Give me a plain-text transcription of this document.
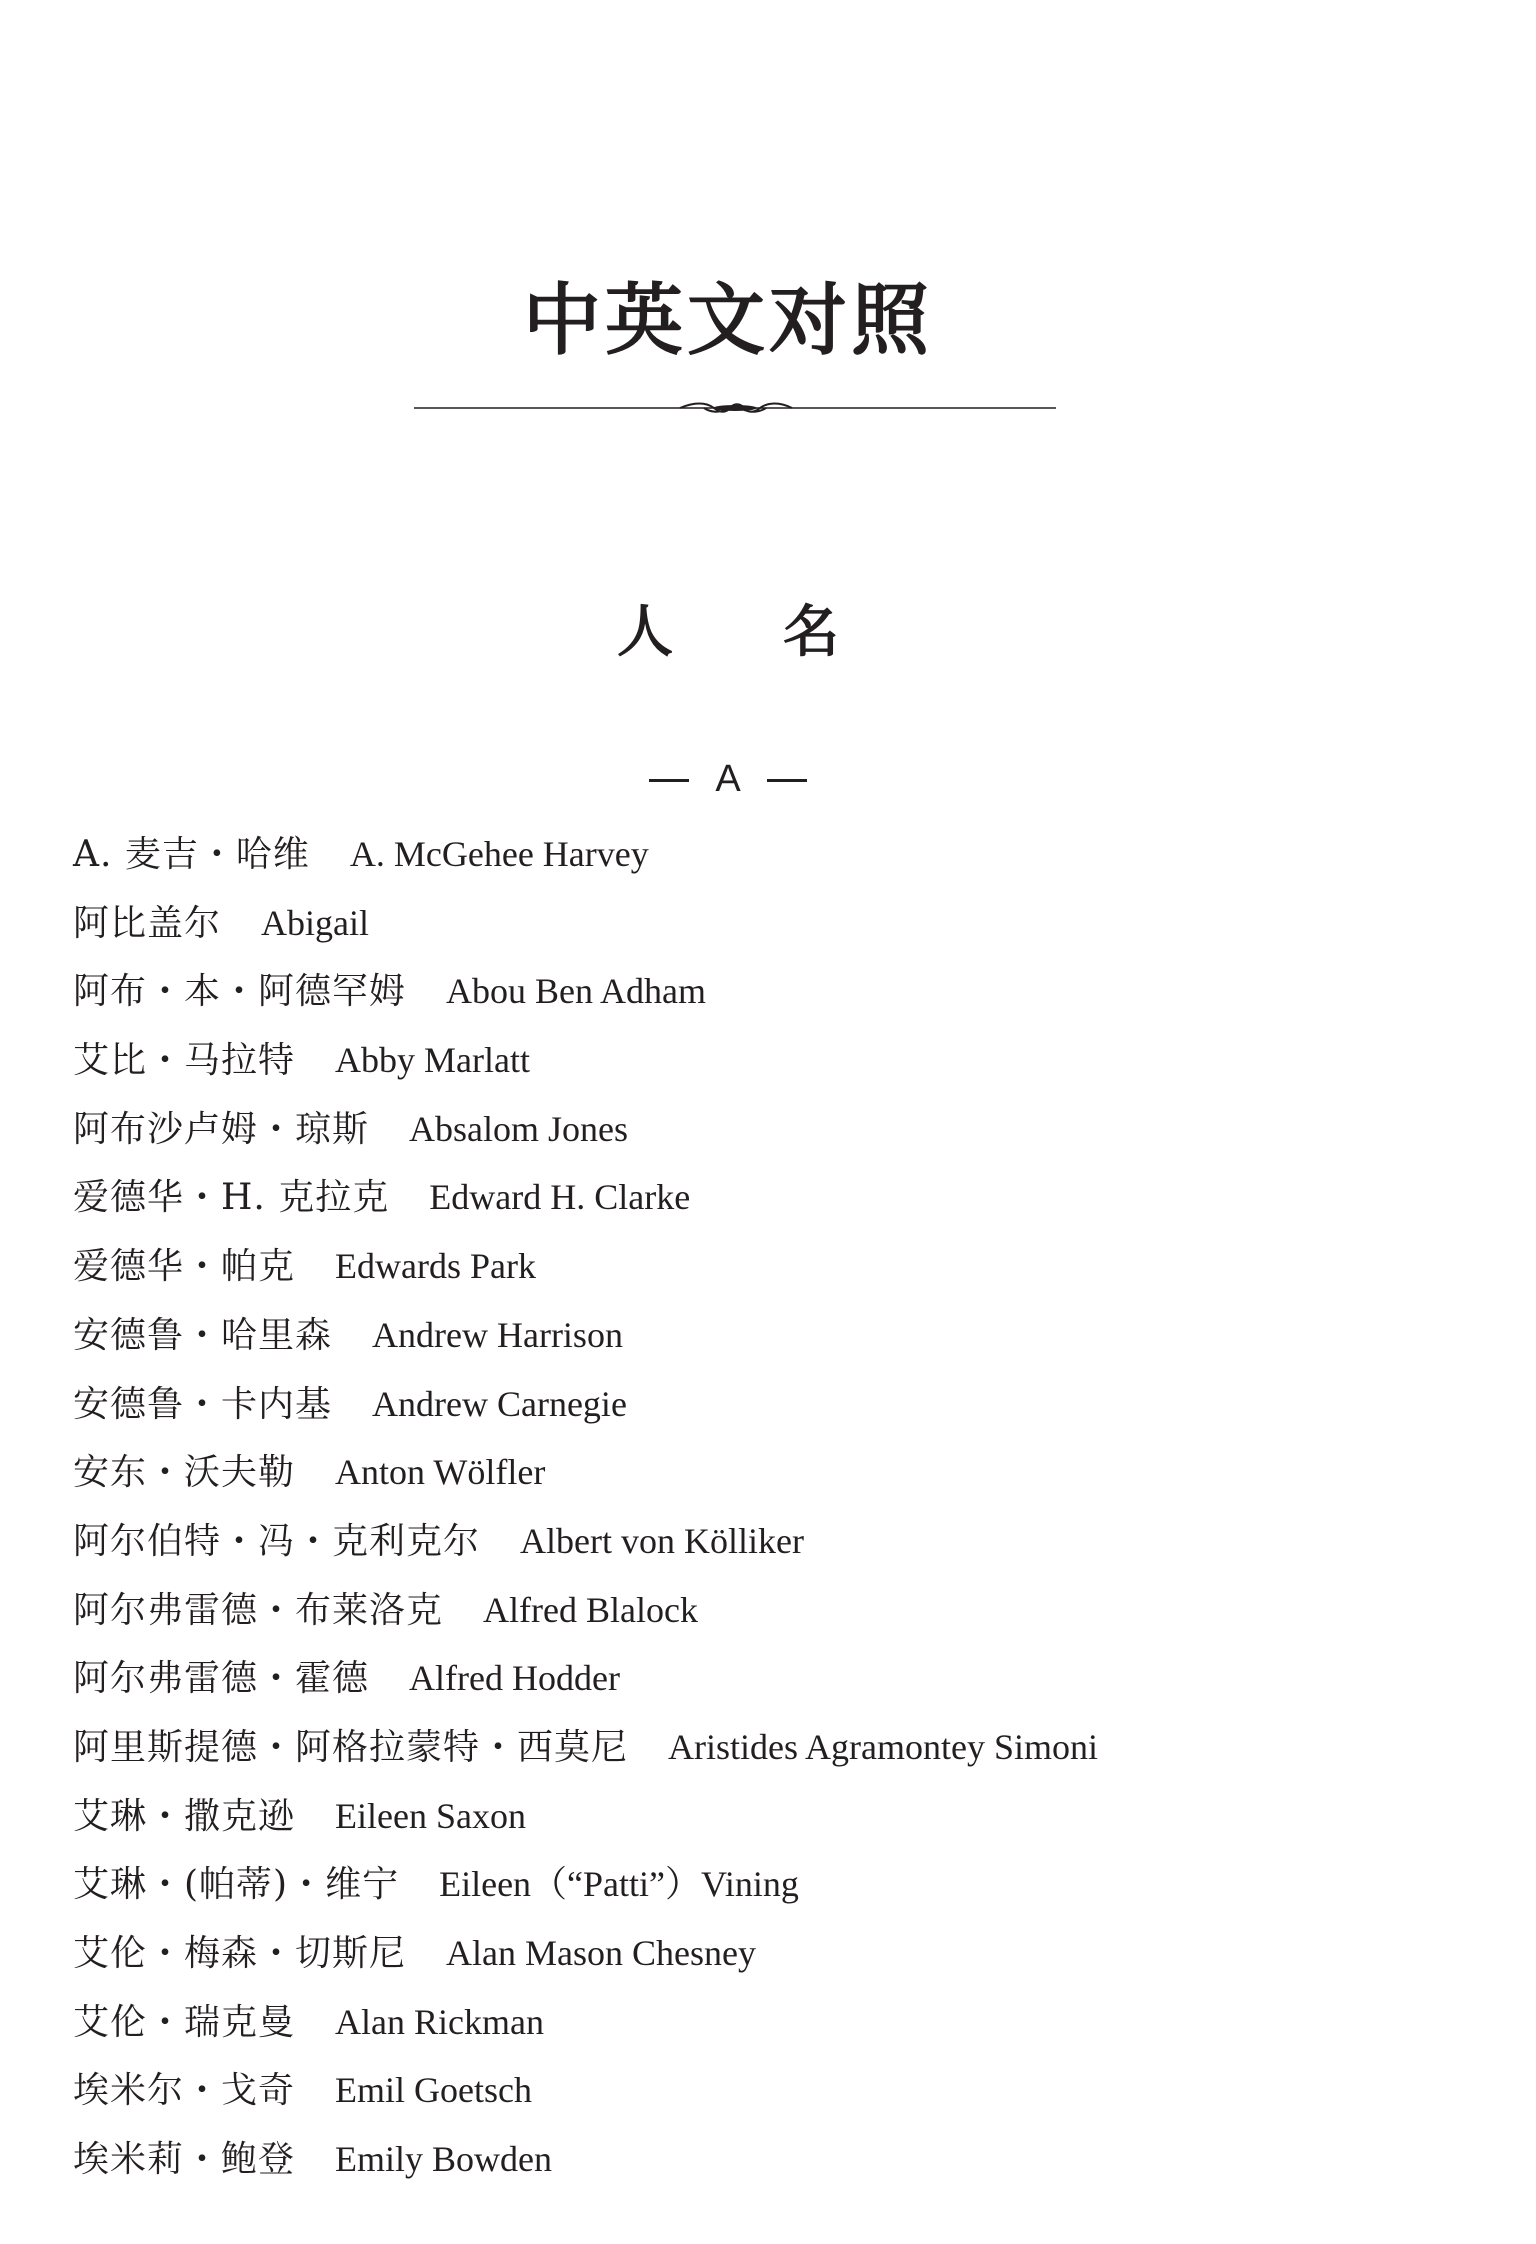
中英文对照
人 名
A
A. 麦吉・哈维 A. McGehee Harvey
阿比盖尔 Abigail
阿布・本・阿德罕姆 Abou Ben Adham
艾比・马拉特 Abby Marlatt
阿布沙卢姆・琼斯 Absalom Jones
爱德华・H. 克拉克 Edward H. Clarke
爱德华・帕克 Edwards Park
安德鲁・哈里森 Andrew Harrison
安德鲁・卡内基 Andrew Carnegie
安东・沃夫勒 Anton Wölfler
阿尔伯特・冯・克利克尔 Albert von Kölliker
阿尔弗雷德・布莱洛克 Alfred Blalock
阿尔弗雷德・霍德 Alfred Hodder
阿里斯提德・阿格拉蒙特・西莫尼 Aristides Agramontey Simoni
艾琳・撒克逊 Eileen Saxon
艾琳・(帕蒂)・维宁 Eileen（“Patti”）Vining
艾伦・梅森・切斯尼 Alan Mason Chesney
艾伦・瑞克曼 Alan Rickman
埃米尔・戈奇 Emil Goetsch
埃米莉・鲍登 Emily Bowden
